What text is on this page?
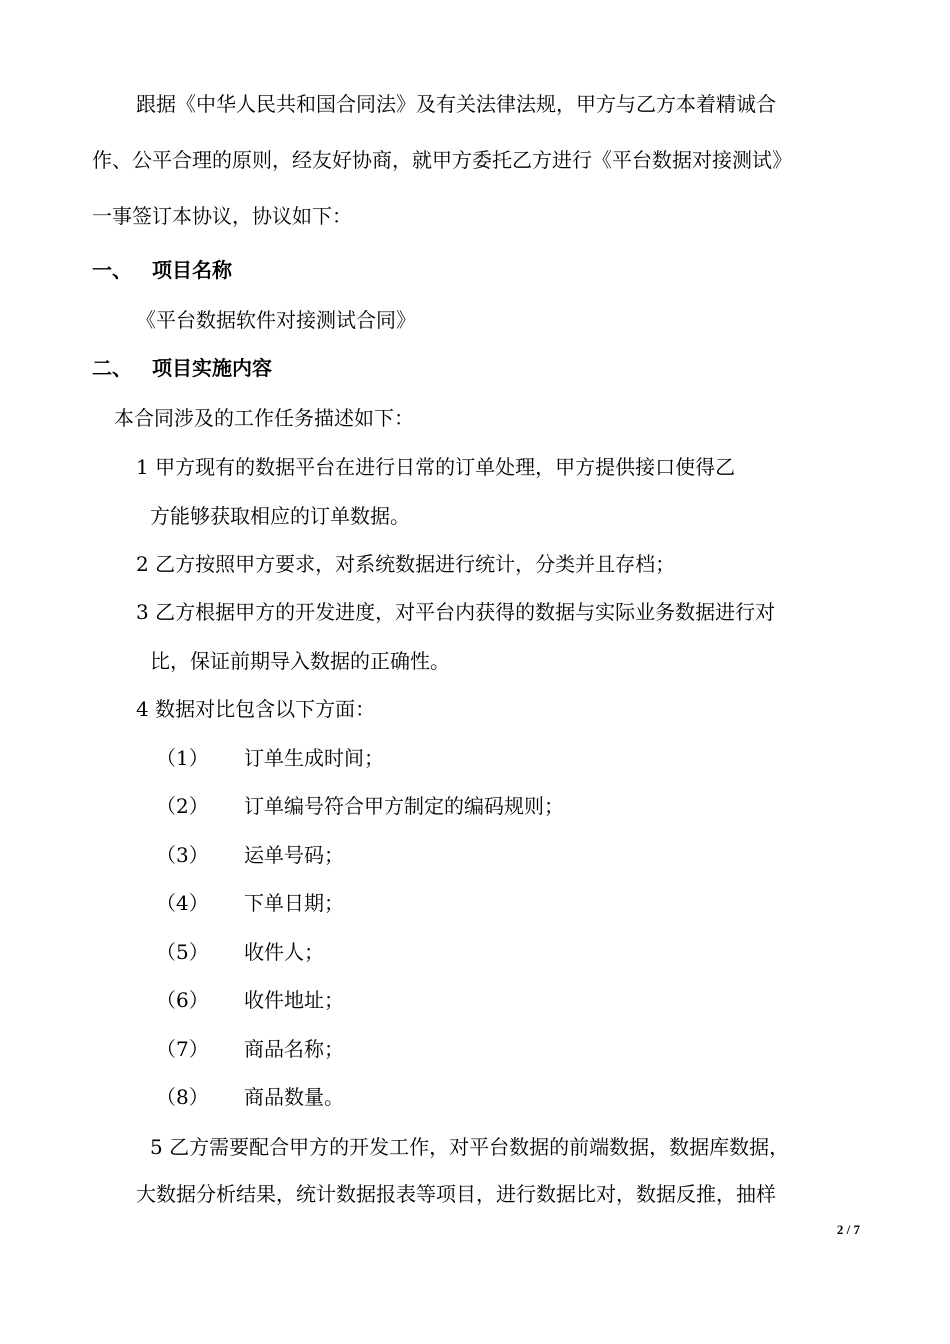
跟据《中华人民共和国合同法》及有关法律法规，甲方与乙方本着精诚合
作、公平合理的原则，经友好协商，就甲方委托乙方进行《平台数据对接测试》
一事签订本协议，协议如下：
一、 项目名称
《平台数据软件对接测试合同》
二、 项目实施内容
本合同涉及的工作任务描述如下：
1 甲方现有的数据平台在进行日常的订单处理，甲方提供接口使得乙
方能够获取相应的订单数据。
2 乙方按照甲方要求，对系统数据进行统计，分类并且存档；
3 乙方根据甲方的开发进度，对平台内获得的数据与实际业务数据进行对
比，保证前期导入数据的正确性。
4 数据对比包含以下方面：
（1） 订单生成时间；
（2） 订单编号符合甲方制定的编码规则；
（3） 运单号码；
（4） 下单日期；
（5） 收件人；
（6） 收件地址；
（7） 商品名称；
（8） 商品数量。
5 乙方需要配合甲方的开发工作，对平台数据的前端数据，数据库数据，
大数据分析结果，统计数据报表等项目，进行数据比对，数据反推，抽样
2 / 7
